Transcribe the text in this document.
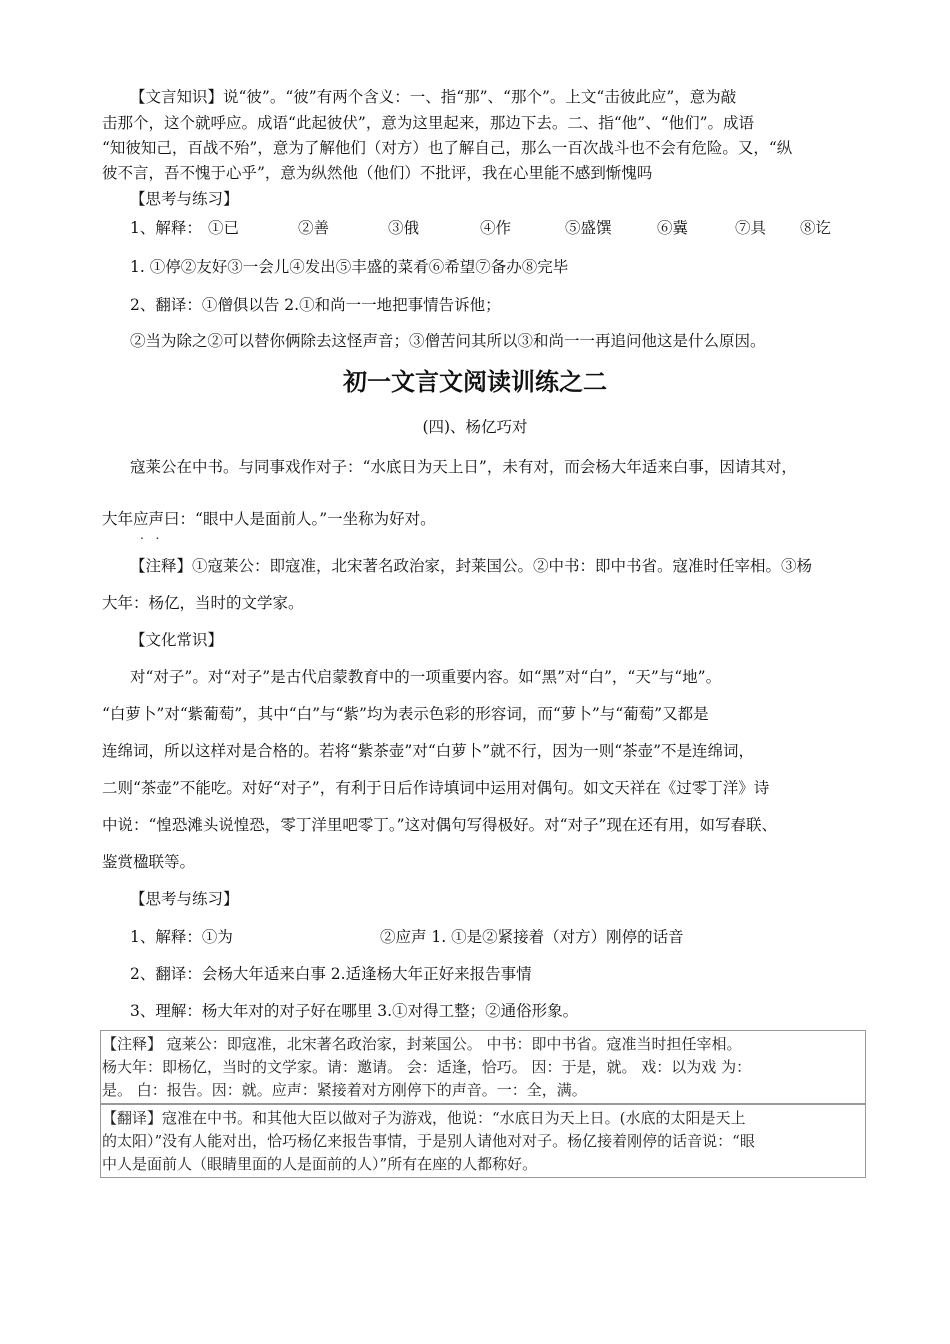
【文言知识】说“彼”。“彼”有两个含义：一、指“那”、“那个”。上文“击彼此应”，意为敲
击那个，这个就呼应。成语“此起彼伏”，意为这里起来，那边下去。二、指“他”、“他们”。成语
“知彼知己，百战不殆”，意为了解他们（对方）也了解自己，那么一百次战斗也不会有危险。又，“纵
彼不言，吾不愧于心乎”，意为纵然他（他们）不批评，我在心里能不感到惭愧吗
【思考与练习】
1、解释： ①已	②善	③俄	④作	⑤盛馔	⑥冀	⑦具 ⑧讫
1. ①停②友好③一会儿④发出⑤丰盛的菜肴⑥希望⑦备办⑧完毕
2、翻译：①僧俱以告 2.①和尚一一地把事情告诉他；
②当为除之②可以替你俩除去这怪声音；③僧苦问其所以③和尚一一再追问他这是什么原因。
初一文言文阅读训练之二
(四)、杨亿巧对
寇莱公在中书。与同事戏作对子：“水底日为天上日”，未有对，而会杨大年适来白事，因请其对，
大年应声曰：“眼中人是面前人。”一坐称为好对。
【注释】①寇莱公：即寇准，北宋著名政治家，封莱国公。②中书：即中书省。寇准时任宰相。③杨
大年：杨亿，当时的文学家。
【文化常识】
对“对子”。对“对子”是古代启蒙教育中的一项重要内容。如“黑”对“白”，“天”与“地”。
“白萝卜”对“紫葡萄”，其中“白”与“紫”均为表示色彩的形容词，而“萝卜”与“葡萄”又都是
连绵词，所以这样对是合格的。若将“紫茶壶”对“白萝卜”就不行，因为一则“茶壶”不是连绵词，
二则“茶壶”不能吃。对好“对子”，有利于日后作诗填词中运用对偶句。如文天祥在《过零丁洋》诗
中说：“惶恐滩头说惶恐，零丁洋里吧零丁。”这对偶句写得极好。对“对子”现在还有用，如写春联、
鉴赏楹联等。
【思考与练习】
1、解释：①为	②应声 1. ①是②紧接着（对方）刚停的话音
2、翻译：会杨大年适来白事 2.适逢杨大年正好来报告事情
3、理解：杨大年对的对子好在哪里 3.①对得工整；②通俗形象。
【注释】 寇莱公：即寇准，北宋著名政治家，封莱国公。 中书：即中书省。寇准当时担任宰相。
杨大年：即杨亿，当时的文学家。请：邀请。 会：适逢，恰巧。 因：于是，就。 戏：以为戏 为：
是。 白：报告。因：就。应声：紧接着对方刚停下的声音。一：全，满。
【翻译】寇准在中书。和其他大臣以做对子为游戏，他说：“水底日为天上日。(水底的太阳是天上
的太阳）”没有人能对出，恰巧杨亿来报告事情，于是别人请他对对子。杨亿接着刚停的话音说：“眼
中人是面前人（眼睛里面的人是面前的人）”所有在座的人都称好。
